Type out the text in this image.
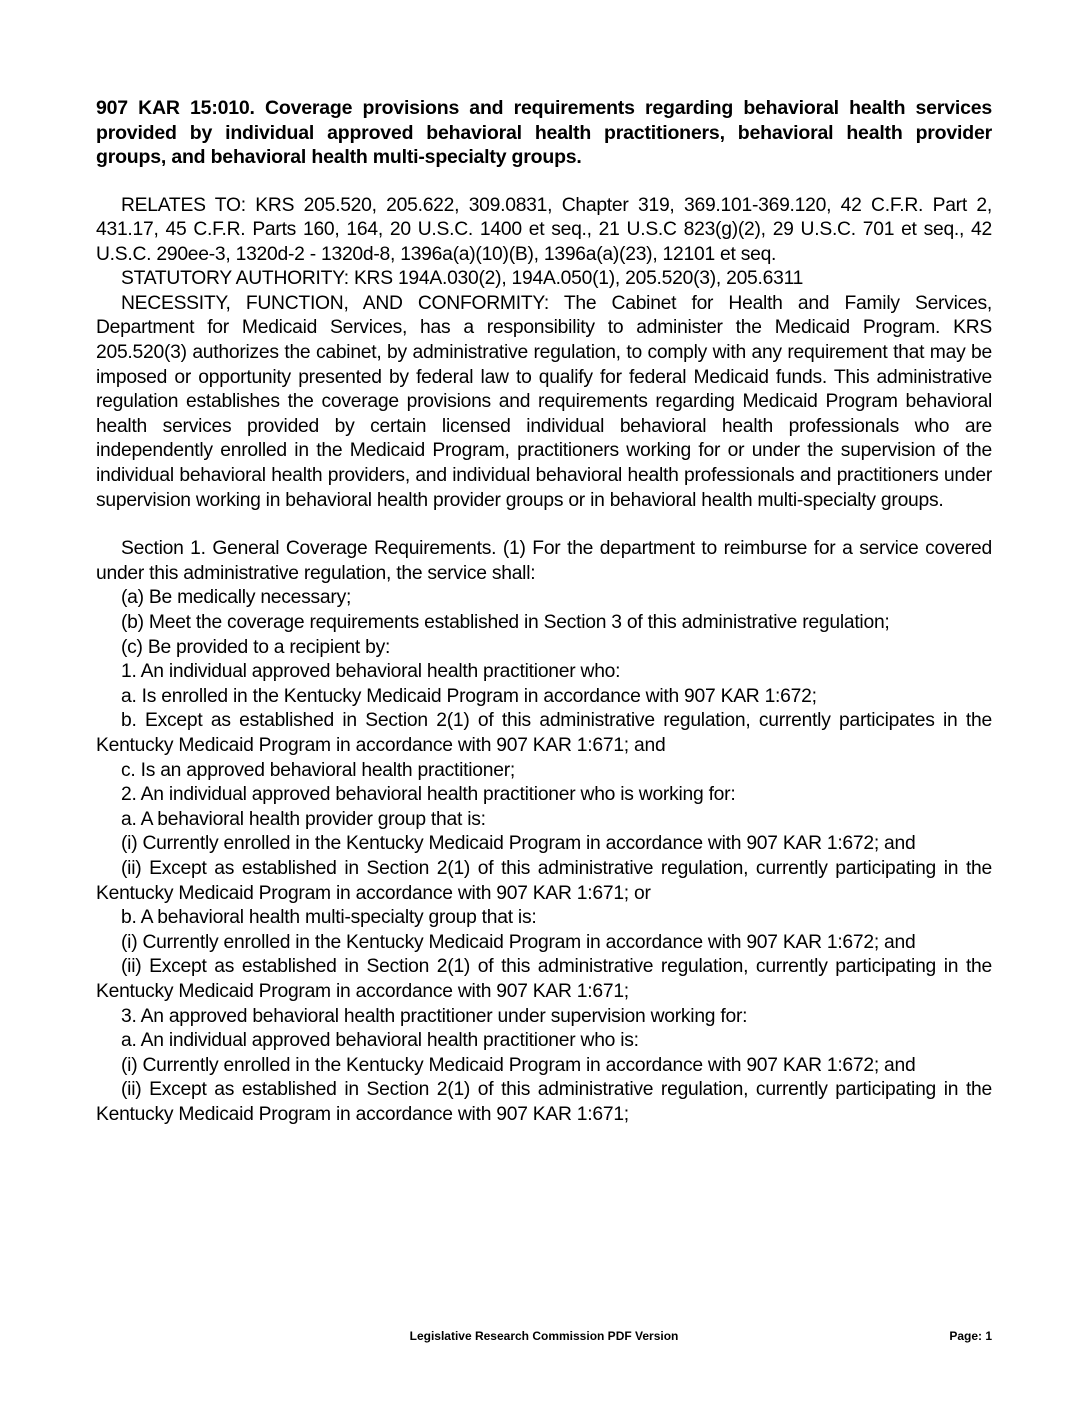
907 KAR 15:010. Coverage provisions and requirements regarding behavioral health services provided by individual approved behavioral health practitioners, behavioral health provider groups, and behavioral health multi-specialty groups.

RELATES TO: KRS 205.520, 205.622, 309.0831, Chapter 319, 369.101-369.120, 42 C.F.R. Part 2, 431.17, 45 C.F.R. Parts 160, 164, 20 U.S.C. 1400 et seq., 21 U.S.C 823(g)(2), 29 U.S.C. 701 et seq., 42 U.S.C. 290ee-3, 1320d-2 - 1320d-8, 1396a(a)(10)(B), 1396a(a)(23), 12101 et seq.

STATUTORY AUTHORITY: KRS 194A.030(2), 194A.050(1), 205.520(3), 205.6311

NECESSITY, FUNCTION, AND CONFORMITY: The Cabinet for Health and Family Services, Department for Medicaid Services, has a responsibility to administer the Medicaid Program. KRS 205.520(3) authorizes the cabinet, by administrative regulation, to comply with any requirement that may be imposed or opportunity presented by federal law to qualify for federal Medicaid funds. This administrative regulation establishes the coverage provisions and requirements regarding Medicaid Program behavioral health services provided by certain licensed individual behavioral health professionals who are independently enrolled in the Medicaid Program, practitioners working for or under the supervision of the individual behavioral health providers, and individual behavioral health professionals and practitioners under supervision working in behavioral health provider groups or in behavioral health multi-specialty groups.

Section 1. General Coverage Requirements. (1) For the department to reimburse for a service covered under this administrative regulation, the service shall:

(a) Be medically necessary;

(b) Meet the coverage requirements established in Section 3 of this administrative regulation;

(c) Be provided to a recipient by:

1. An individual approved behavioral health practitioner who:

a. Is enrolled in the Kentucky Medicaid Program in accordance with 907 KAR 1:672;

b. Except as established in Section 2(1) of this administrative regulation, currently participates in the Kentucky Medicaid Program in accordance with 907 KAR 1:671; and

c. Is an approved behavioral health practitioner;

2. An individual approved behavioral health practitioner who is working for:

a. A behavioral health provider group that is:

(i) Currently enrolled in the Kentucky Medicaid Program in accordance with 907 KAR 1:672; and

(ii) Except as established in Section 2(1) of this administrative regulation, currently participating in the Kentucky Medicaid Program in accordance with 907 KAR 1:671; or

b. A behavioral health multi-specialty group that is:

(i) Currently enrolled in the Kentucky Medicaid Program in accordance with 907 KAR 1:672; and

(ii) Except as established in Section 2(1) of this administrative regulation, currently participating in the Kentucky Medicaid Program in accordance with 907 KAR 1:671;

3. An approved behavioral health practitioner under supervision working for:

a. An individual approved behavioral health practitioner who is:

(i) Currently enrolled in the Kentucky Medicaid Program in accordance with 907 KAR 1:672; and

(ii) Except as established in Section 2(1) of this administrative regulation, currently participating in the Kentucky Medicaid Program in accordance with 907 KAR 1:671;

Legislative Research Commission PDF Version	Page: 1
